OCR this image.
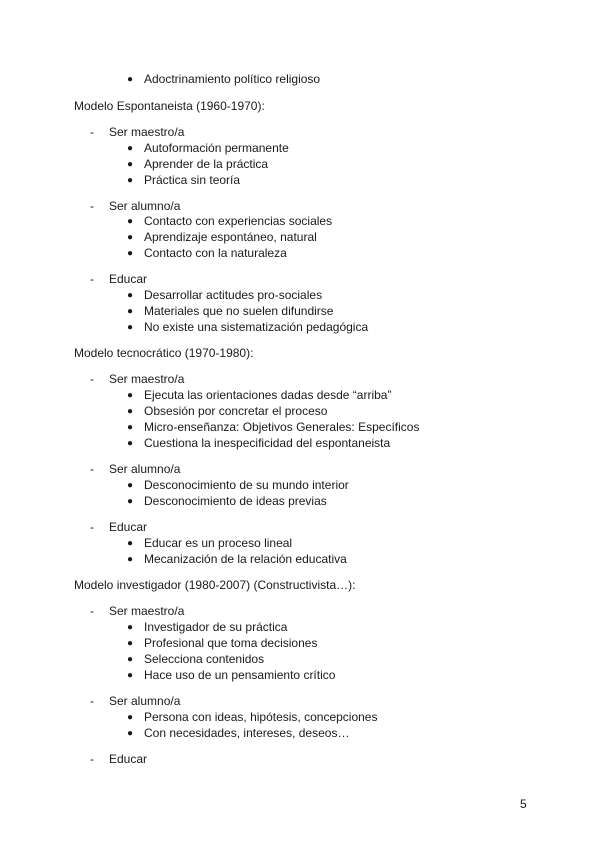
● Adoctrinamiento político religioso
Modelo Espontaneista (1960-1970):
- Ser maestro/a
● Autoformación permanente
● Aprender de la práctica
● Práctica sin teoría
- Ser alumno/a
● Contacto con experiencias sociales
● Aprendizaje espontáneo, natural
● Contacto con la naturaleza
- Educar
● Desarrollar actitudes pro-sociales
● Materiales que no suelen difundirse
● No existe una sistematización pedagógica
Modelo tecnocrático (1970-1980):
- Ser maestro/a
● Ejecuta las orientaciones dadas desde “arriba”
● Obsesión por concretar el proceso
● Micro-enseñanza: Objetivos Generales: Específicos
● Cuestiona la inespecificidad del espontaneista
- Ser alumno/a
● Desconocimiento de su mundo interior
● Desconocimiento de ideas previas
- Educar
● Educar es un proceso lineal
● Mecanización de la relación educativa
Modelo investigador (1980-2007) (Constructivista…):
- Ser maestro/a
● Investigador de su práctica
● Profesional que toma decisiones
● Selecciona contenidos
● Hace uso de un pensamiento crítico
- Ser alumno/a
● Persona con ideas, hipótesis, concepciones
● Con necesidades, intereses, deseos…
- Educar
5
